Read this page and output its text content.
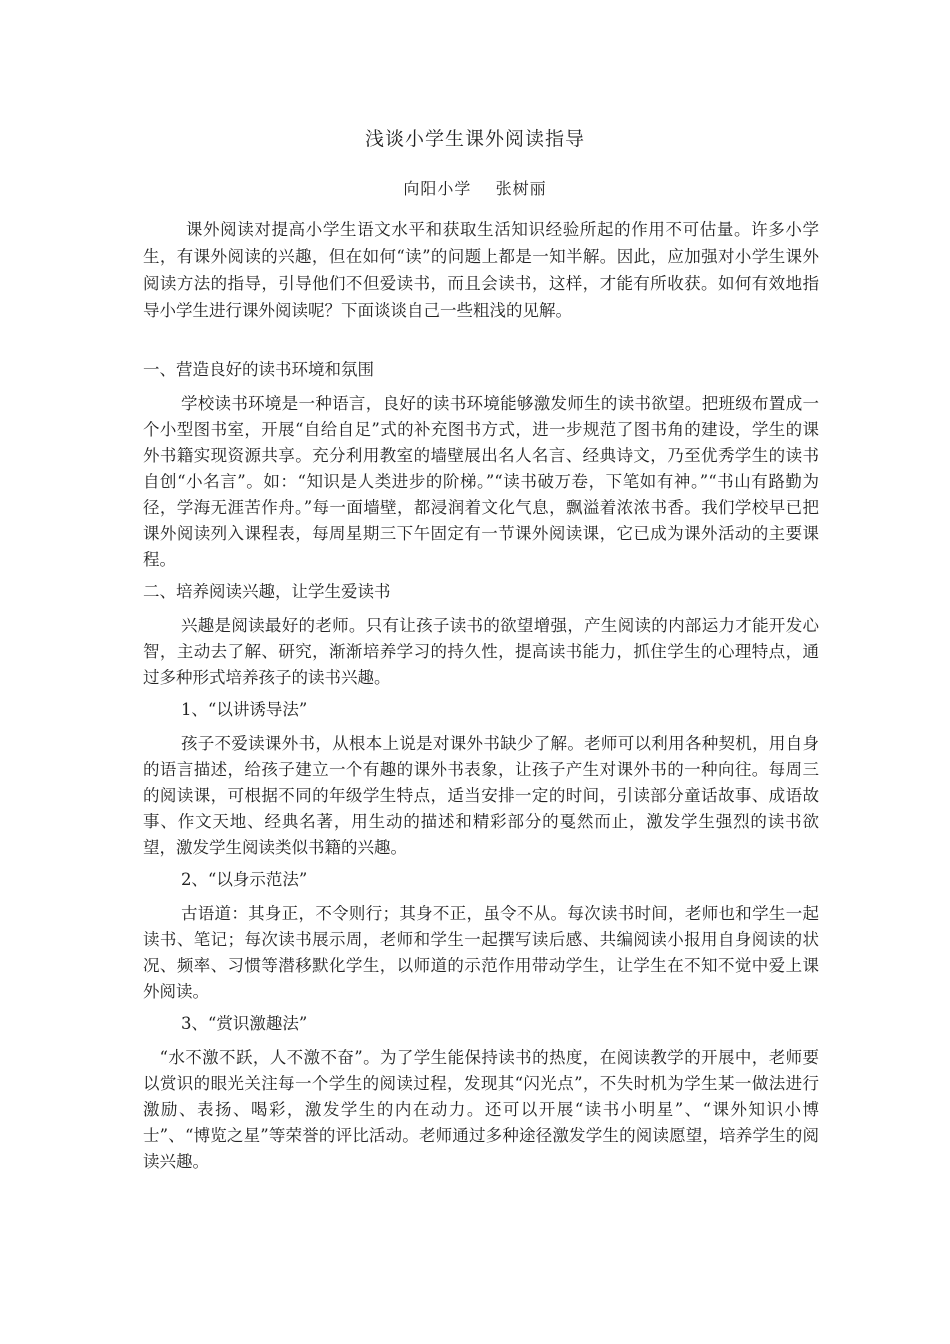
浅谈小学生课外阅读指导
向阳小学    张树丽

课外阅读对提高小学生语文水平和获取生活知识经验所起的作用不可估量。许多小学生，有课外阅读的兴趣，但在如何“读”的问题上都是一知半解。因此，应加强对小学生课外阅读方法的指导，引导他们不但爱读书，而且会读书，这样，才能有所收获。如何有效地指导小学生进行课外阅读呢？下面谈谈自己一些粗浅的见解。

一、营造良好的读书环境和氛围

学校读书环境是一种语言，良好的读书环境能够激发师生的读书欲望。把班级布置成一个小型图书室，开展“自给自足”式的补充图书方式，进一步规范了图书角的建设，学生的课外书籍实现资源共享。充分利用教室的墙壁展出名人名言、经典诗文，乃至优秀学生的读书自创“小名言”。如：“知识是人类进步的阶梯。”“读书破万卷，下笔如有神。”“书山有路勤为径，学海无涯苦作舟。”每一面墙壁，都浸润着文化气息，飘溢着浓浓书香。我们学校早已把课外阅读列入课程表，每周星期三下午固定有一节课外阅读课，它已成为课外活动的主要课程。

二、培养阅读兴趣，让学生爱读书

兴趣是阅读最好的老师。只有让孩子读书的欲望增强，产生阅读的内部运力才能开发心智，主动去了解、研究，渐渐培养学习的持久性，提高读书能力，抓住学生的心理特点，通过多种形式培养孩子的读书兴趣。

1、“以讲诱导法”

孩子不爱读课外书，从根本上说是对课外书缺少了解。老师可以利用各种契机，用自身的语言描述，给孩子建立一个有趣的课外书表象，让孩子产生对课外书的一种向往。每周三的阅读课，可根据不同的年级学生特点，适当安排一定的时间，引读部分童话故事、成语故事、作文天地、经典名著，用生动的描述和精彩部分的戛然而止，激发学生强烈的读书欲望，激发学生阅读类似书籍的兴趣。

2、“以身示范法”

古语道：其身正，不令则行；其身不正，虽令不从。每次读书时间，老师也和学生一起读书、笔记；每次读书展示周，老师和学生一起撰写读后感、共编阅读小报用自身阅读的状况、频率、习惯等潜移默化学生，以师道的示范作用带动学生，让学生在不知不觉中爱上课外阅读。

3、“赏识激趣法”

“水不激不跃，人不激不奋”。为了学生能保持读书的热度，在阅读教学的开展中，老师要以赏识的眼光关注每一个学生的阅读过程，发现其“闪光点”，不失时机为学生某一做法进行激励、表扬、喝彩，激发学生的内在动力。还可以开展“读书小明星”、“课外知识小博士”、“博览之星”等荣誉的评比活动。老师通过多种途径激发学生的阅读愿望，培养学生的阅读兴趣。
